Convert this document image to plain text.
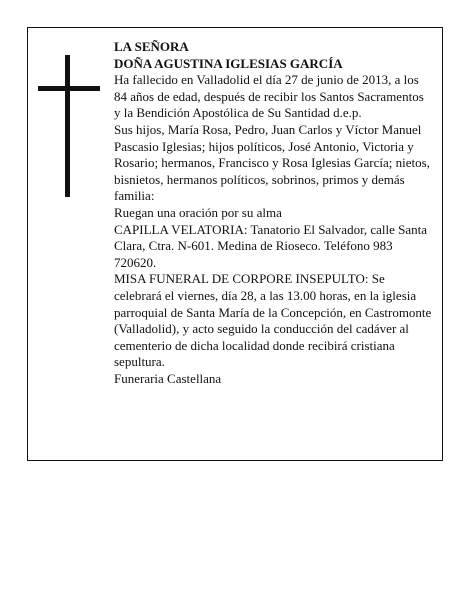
LA SEÑORA

DOÑA AGUSTINA IGLESIAS GARCÍA

Ha fallecido en Valladolid el día 27 de junio de 2013, a los 84 años de edad, después de recibir los Santos Sacramentos y la Bendición Apostólica de Su Santidad d.e.p.

Sus hijos, María Rosa, Pedro, Juan Carlos y Víctor Manuel Pascasio Iglesias; hijos políticos, José Antonio, Victoria y Rosario; hermanos, Francisco y Rosa Iglesias García; nietos, bisnietos, hermanos políticos, sobrinos, primos y demás familia:

Ruegan una oración por su alma

CAPILLA VELATORIA: Tanatorio El Salvador, calle Santa Clara, Ctra. N-601. Medina de Rioseco. Teléfono 983 720620.

MISA FUNERAL DE CORPORE INSEPULTO: Se celebrará el viernes, día 28, a las 13.00 horas, en la iglesia parroquial de Santa María de la Concepción, en Castromonte (Valladolid), y acto seguido la conducción del cadáver al cementerio de dicha localidad donde recibirá cristiana sepultura.

Funeraria Castellana
